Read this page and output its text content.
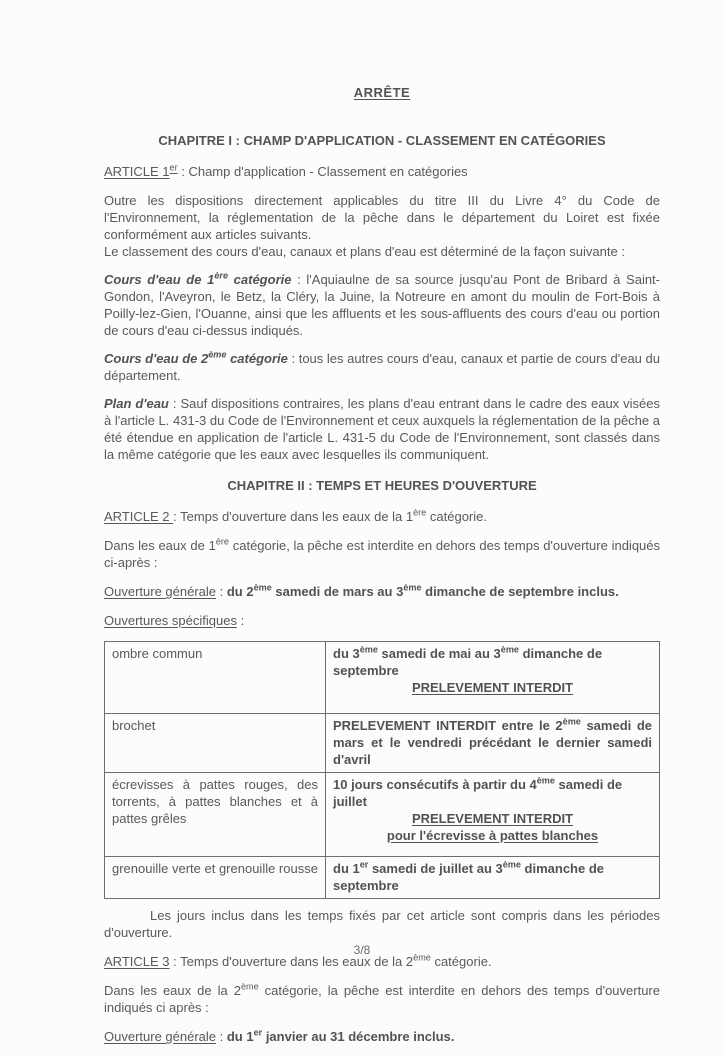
ARRÊTE
CHAPITRE I : CHAMP D'APPLICATION - CLASSEMENT EN CATÉGORIES
ARTICLE 1er : Champ d'application - Classement en catégories

Outre les dispositions directement applicables du titre III du Livre 4° du Code de l'Environnement, la réglementation de la pêche dans le département du Loiret est fixée conformément aux articles suivants.

Le classement des cours d'eau, canaux et plans d'eau est déterminé de la façon suivante :

Cours d'eau de 1ère catégorie : l'Aquiaulne de sa source jusqu'au Pont de Bribard à Saint-Gondon, l'Aveyron, le Betz, la Cléry, la Juine, la Notreure en amont du moulin de Fort-Bois à Poilly-lez-Gien, l'Ouanne, ainsi que les affluents et les sous-affluents des cours d'eau ou portion de cours d'eau ci-dessus indiqués.

Cours d'eau de 2ème catégorie : tous les autres cours d'eau, canaux et partie de cours d'eau du département.

Plan d'eau : Sauf dispositions contraires, les plans d'eau entrant dans le cadre des eaux visées à l'article L. 431-3 du Code de l'Environnement et ceux auxquels la réglementation de la pêche a été étendue en application de l'article L. 431-5 du Code de l'Environnement, sont classés dans la même catégorie que les eaux avec lesquelles ils communiquent.

CHAPITRE II : TEMPS ET HEURES D'OUVERTURE
ARTICLE 2 : Temps d'ouverture dans les eaux de la 1ère catégorie.

Dans les eaux de 1ère catégorie, la pêche est interdite en dehors des temps d'ouverture indiqués ci-après :

Ouverture générale : du 2ème samedi de mars au 3ème dimanche de septembre inclus.
Ouvertures spécifiques :
ombre commun	du 3ème samedi de mai au 3ème dimanche de septembre
PRELEVEMENT INTERDIT

brochet	PRELEVEMENT INTERDIT entre le 2ème samedi de mars et le vendredi précédant le dernier samedi d'avril

écrevisses à pattes rouges, des torrents, à pattes blanches et à pattes grêles	10 jours consécutifs à partir du 4ème samedi de juillet
PRELEVEMENT INTERDIT
pour l'écrevisse à pattes blanches

grenouille verte et grenouille rousse	du 1er samedi de juillet au 3ème dimanche de septembre

Les jours inclus dans les temps fixés par cet article sont compris dans les périodes d'ouverture.

ARTICLE 3 : Temps d'ouverture dans les eaux de la 2ème catégorie.

Dans les eaux de la 2ème catégorie, la pêche est interdite en dehors des temps d'ouverture indiqués ci après :

Ouverture générale : du 1er janvier au 31 décembre inclus.
3/8
